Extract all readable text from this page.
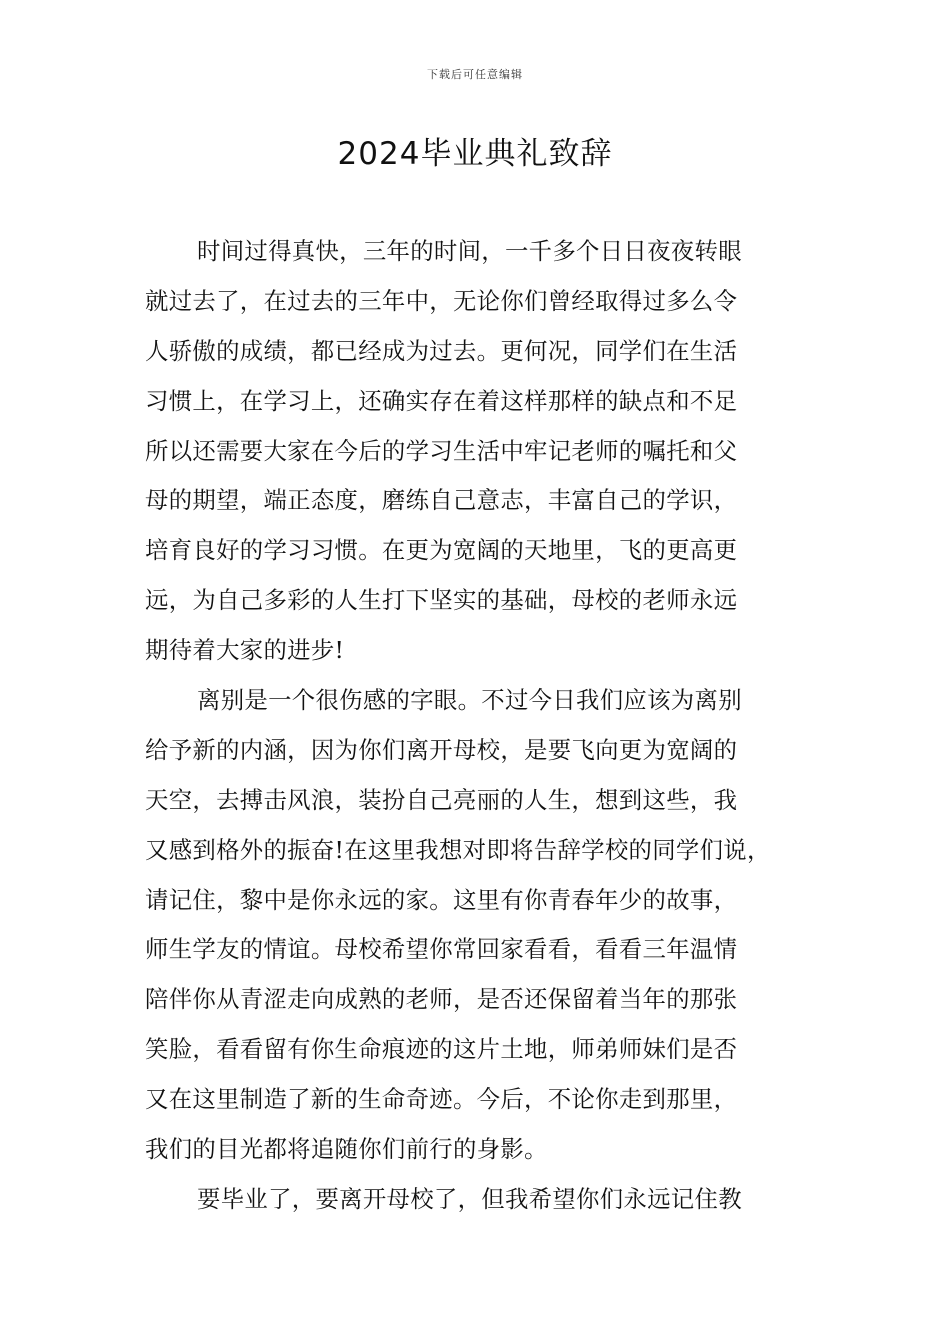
下载后可任意编辑
2024毕业典礼致辞
时间过得真快，三年的时间，一千多个日日夜夜转眼
就过去了，在过去的三年中，无论你们曾经取得过多么令
人骄傲的成绩，都已经成为过去。更何况，同学们在生活
习惯上，在学习上，还确实存在着这样那样的缺点和不足
所以还需要大家在今后的学习生活中牢记老师的嘱托和父
母的期望，端正态度，磨练自己意志，丰富自己的学识，
培育良好的学习习惯。在更为宽阔的天地里，飞的更高更
远，为自己多彩的人生打下坚实的基础，母校的老师永远
期待着大家的进步!
离别是一个很伤感的字眼。不过今日我们应该为离别
给予新的内涵，因为你们离开母校，是要飞向更为宽阔的
天空，去搏击风浪，装扮自己亮丽的人生，想到这些，我
又感到格外的振奋!在这里我想对即将告辞学校的同学们说，
请记住，黎中是你永远的家。这里有你青春年少的故事，
师生学友的情谊。母校希望你常回家看看，看看三年温情
陪伴你从青涩走向成熟的老师，是否还保留着当年的那张
笑脸，看看留有你生命痕迹的这片土地，师弟师妹们是否
又在这里制造了新的生命奇迹。今后，不论你走到那里，
我们的目光都将追随你们前行的身影。
要毕业了，要离开母校了，但我希望你们永远记住教
